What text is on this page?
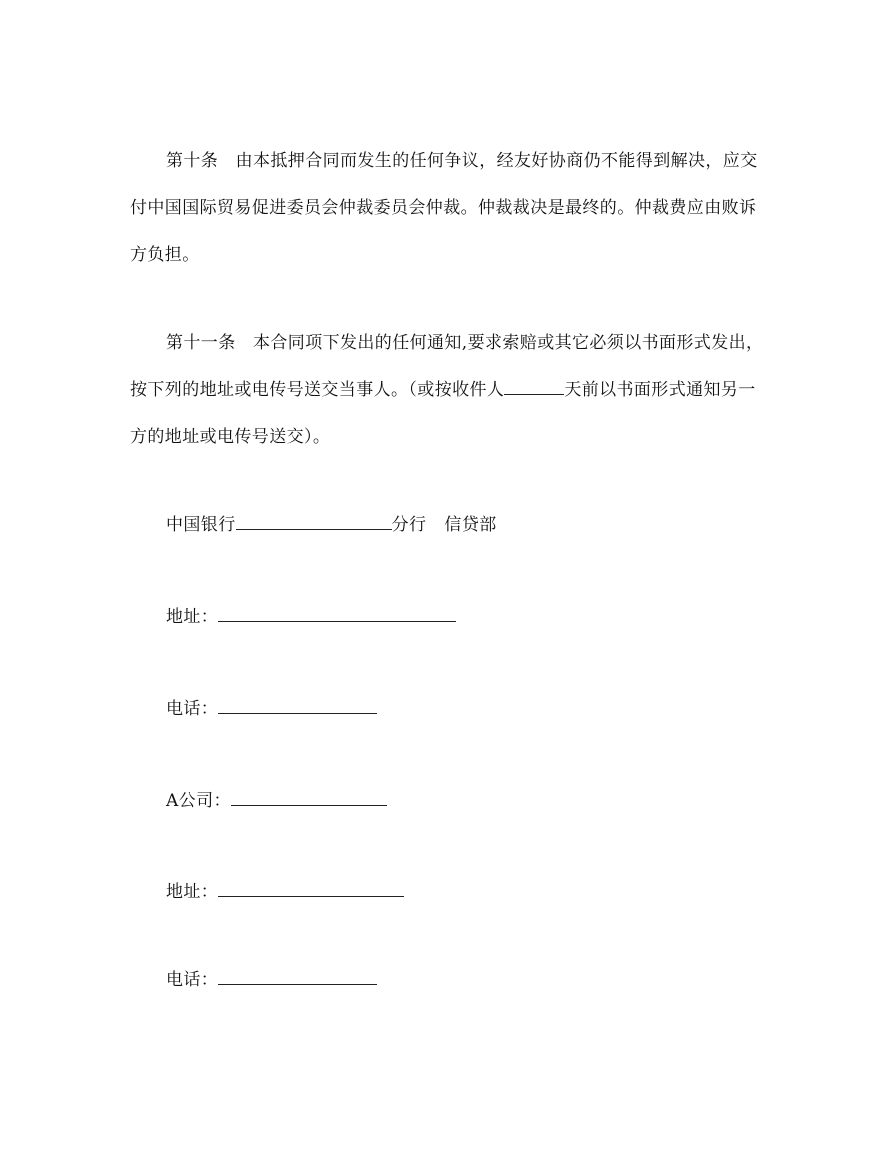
第十条　由本抵押合同而发生的任何争议，经友好协商仍不能得到解决，应交
付中国国际贸易促进委员会仲裁委员会仲裁。仲裁裁决是最终的。仲裁费应由败诉
方负担。
第十一条　本合同项下发出的任何通知,要求索赔或其它必须以书面形式发出，
按下列的地址或电传号送交当事人。（或按收件人	天前以书面形式通知另一
方的地址或电传号送交）。
中国银行	分行 信贷部
地址：
电话：
A公司：
地址：
电话：
